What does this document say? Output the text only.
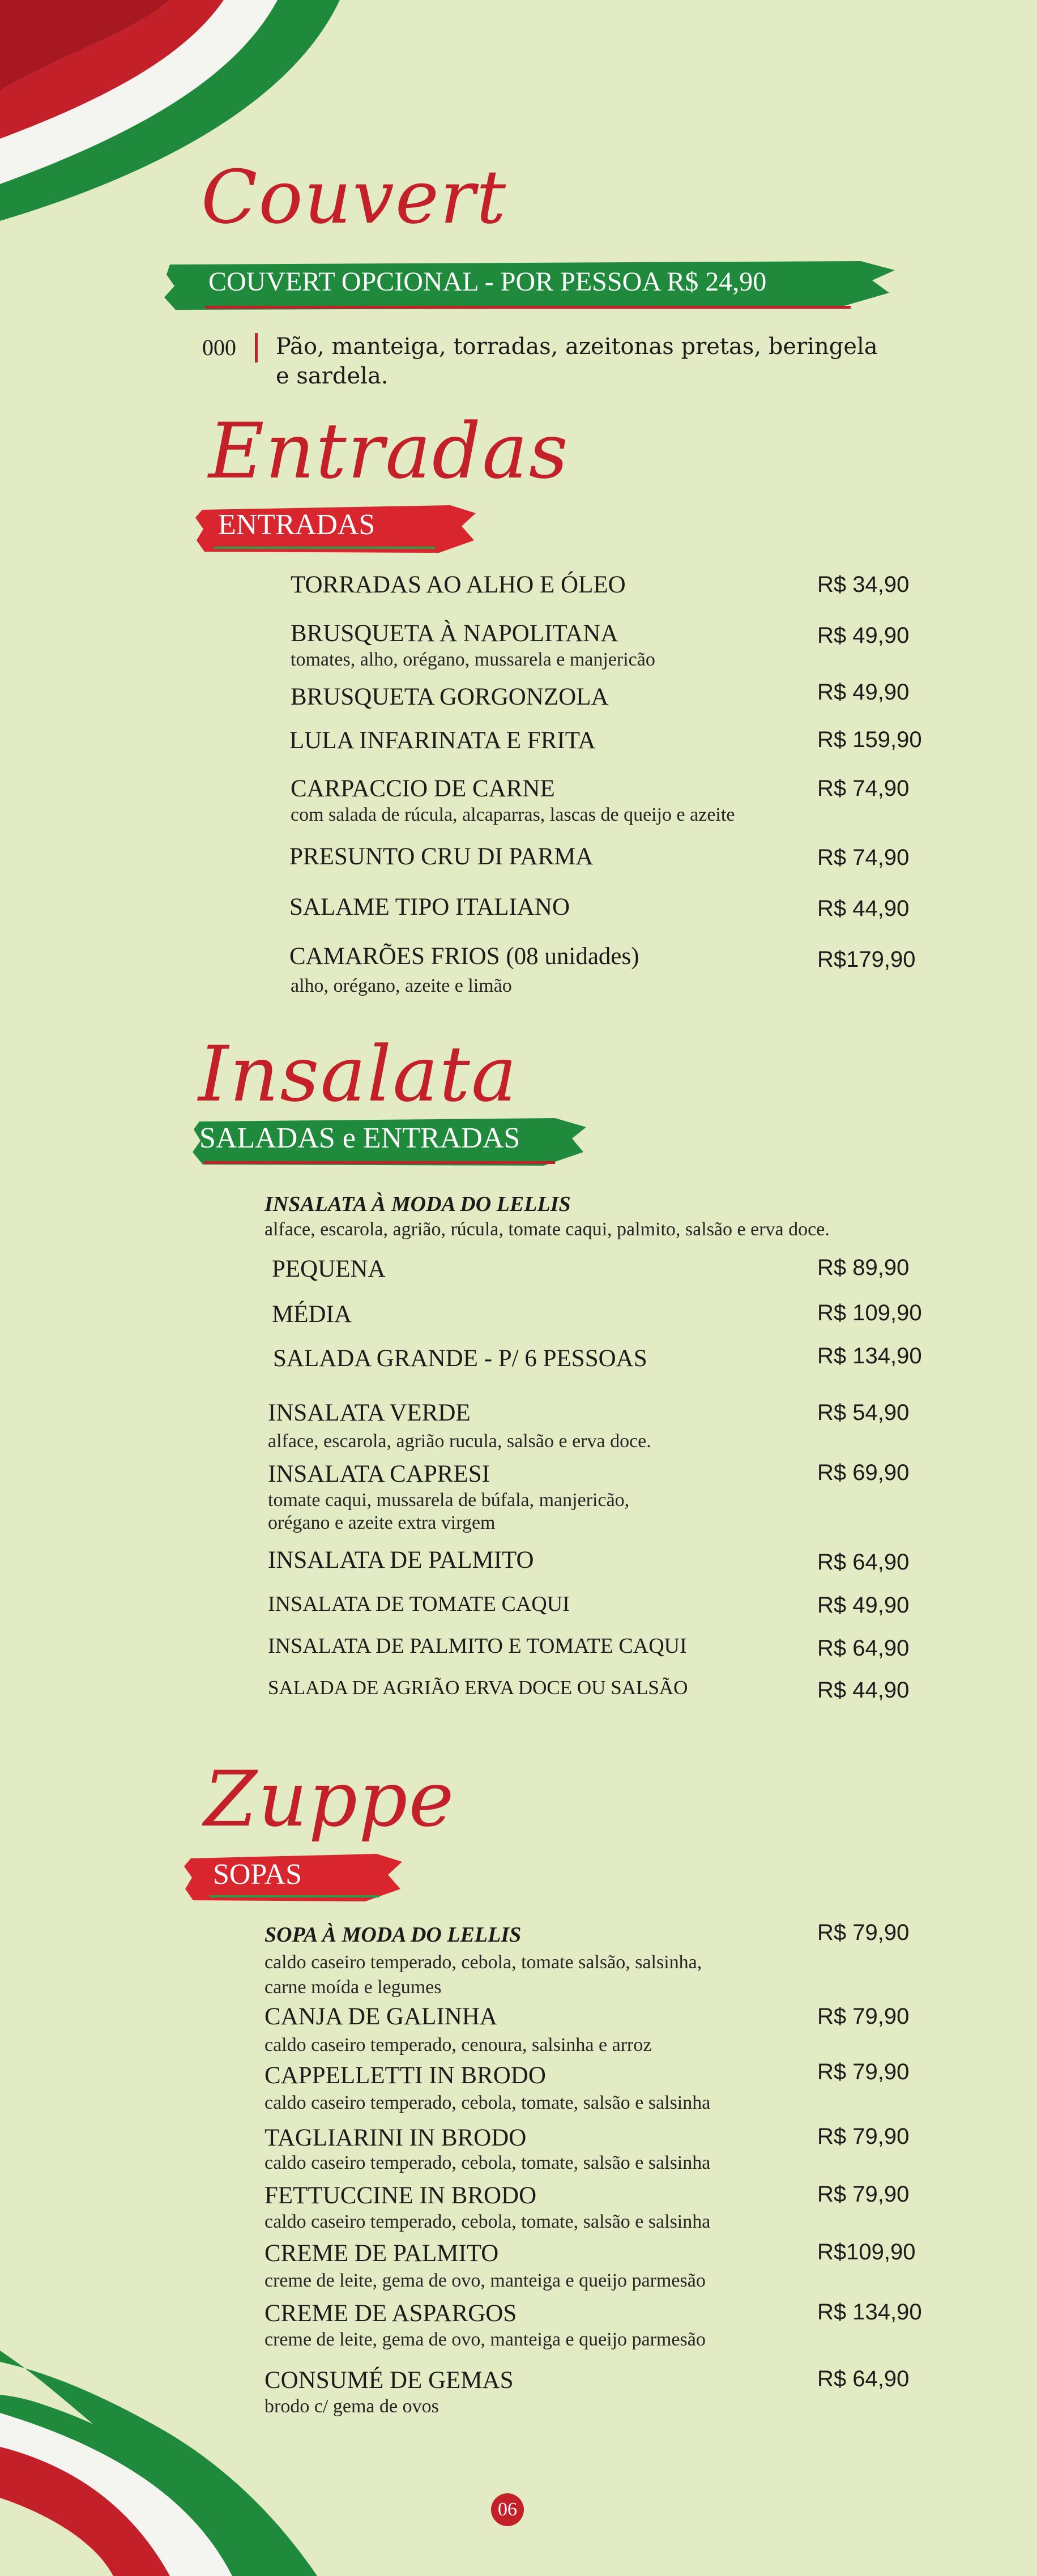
Couvert
COUVERT OPCIONAL - POR PESSOA R$ 24,90
000 Pão, manteiga, torradas, azeitonas pretas, beringela e sardela.
Entradas
ENTRADAS
TORRADAS AO ALHO E ÓLEO	R$ 34,90
BRUSQUETA À NAPOLITANA
tomates, alho, orégano, mussarela e manjericão
R$ 49,90
BRUSQUETA GORGONZOLA	R$ 49,90
LULA INFARINATA E FRITA	R$ 159,90
CARPACCIO DE CARNE
com salada de rúcula, alcaparras, lascas de queijo e azeite
R$ 74,90
PRESUNTO CRU DI PARMA	R$ 74,90
SALAME TIPO ITALIANO	R$ 44,90
CAMARÕES FRIOS (08 unidades)
alho, orégano, azeite e limão
R$179,90
Insalata
SALADAS e ENTRADAS
INSALATA À MODA DO LELLIS
alface, escarola, agrião, rúcula, tomate caqui, palmito, salsão e erva doce.
PEQUENA	R$ 89,90
MÉDIA	R$ 109,90
SALADA GRANDE - P/ 6 PESSOAS	R$ 134,90
INSALATA VERDE
alface, escarola, agrião rucula, salsão e erva doce.
R$ 54,90
INSALATA CAPRESI
tomate caqui, mussarela de búfala, manjericão,
orégano e azeite extra virgem
R$ 69,90
INSALATA DE PALMITO	R$ 64,90
INSALATA DE TOMATE CAQUI	R$ 49,90
INSALATA DE PALMITO E TOMATE CAQUI	R$ 64,90
SALADA DE AGRIÃO ERVA DOCE OU SALSÃO	R$ 44,90
Zuppe
SOPAS
SOPA À MODA DO LELLIS
caldo caseiro temperado, cebola, tomate salsão, salsinha,
carne moída e legumes
R$ 79,90
CANJA DE GALINHA
caldo caseiro temperado, cenoura, salsinha e arroz
R$ 79,90
CAPPELLETTI IN BRODO
caldo caseiro temperado, cebola, tomate, salsão e salsinha
R$ 79,90
TAGLIARINI IN BRODO
caldo caseiro temperado, cebola, tomate, salsão e salsinha
R$ 79,90
FETTUCCINE IN BRODO
caldo caseiro temperado, cebola, tomate, salsão e salsinha
R$ 79,90
CREME DE PALMITO
creme de leite, gema de ovo, manteiga e queijo parmesão
R$109,90
CREME DE ASPARGOS
creme de leite, gema de ovo, manteiga e queijo parmesão
R$ 134,90
CONSUMÉ DE GEMAS
brodo c/ gema de ovos
R$ 64,90
06
